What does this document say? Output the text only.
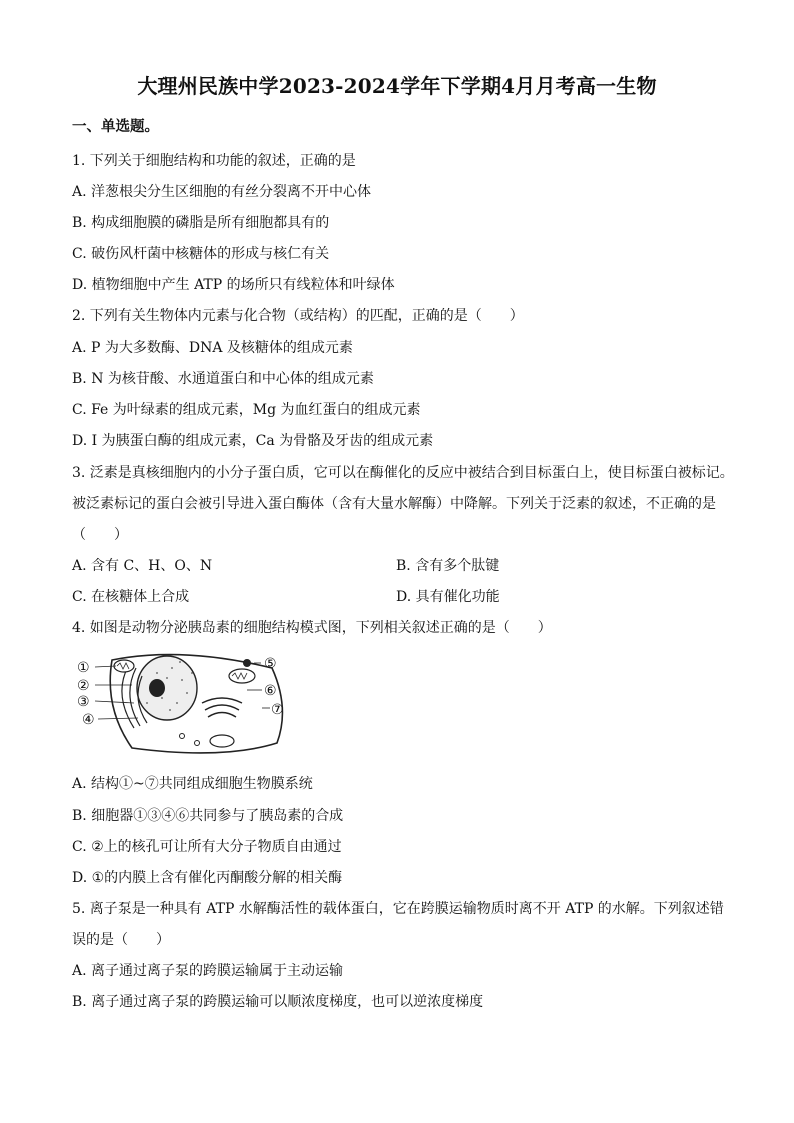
大理州民族中学2023-2024学年下学期4月月考高一生物
一、单选题。
1. 下列关于细胞结构和功能的叙述，正确的是
A. 洋葱根尖分生区细胞的有丝分裂离不开中心体
B. 构成细胞膜的磷脂是所有细胞都具有的
C. 破伤风杆菌中核糖体的形成与核仁有关
D. 植物细胞中产生 ATP 的场所只有线粒体和叶绿体
2. 下列有关生物体内元素与化合物（或结构）的匹配，正确的是（　　）
A. P 为大多数酶、DNA 及核糖体的组成元素
B. N 为核苷酸、水通道蛋白和中心体的组成元素
C. Fe 为叶绿素的组成元素，Mg 为血红蛋白的组成元素
D. I 为胰蛋白酶的组成元素，Ca 为骨骼及牙齿的组成元素
3. 泛素是真核细胞内的小分子蛋白质，它可以在酶催化的反应中被结合到目标蛋白上，使目标蛋白被标记。
被泛素标记的蛋白会被引导进入蛋白酶体（含有大量水解酶）中降解。下列关于泛素的叙述，不正确的是
（　　）
A. 含有 C、H、O、N	B. 含有多个肽键
C. 在核糖体上合成	D. 具有催化功能
4. 如图是动物分泌胰岛素的细胞结构模式图，下列相关叙述正确的是（　　）
①
②
③
④
⑤
⑥
⑦
A. 结构①~⑦共同组成细胞生物膜系统
B. 细胞器①③④⑥共同参与了胰岛素的合成
C. ②上的核孔可让所有大分子物质自由通过
D. ①的内膜上含有催化丙酮酸分解的相关酶
5. 离子泵是一种具有 ATP 水解酶活性的载体蛋白，它在跨膜运输物质时离不开 ATP 的水解。下列叙述错
误的是（　　）
A. 离子通过离子泵的跨膜运输属于主动运输
B. 离子通过离子泵的跨膜运输可以顺浓度梯度，也可以逆浓度梯度
